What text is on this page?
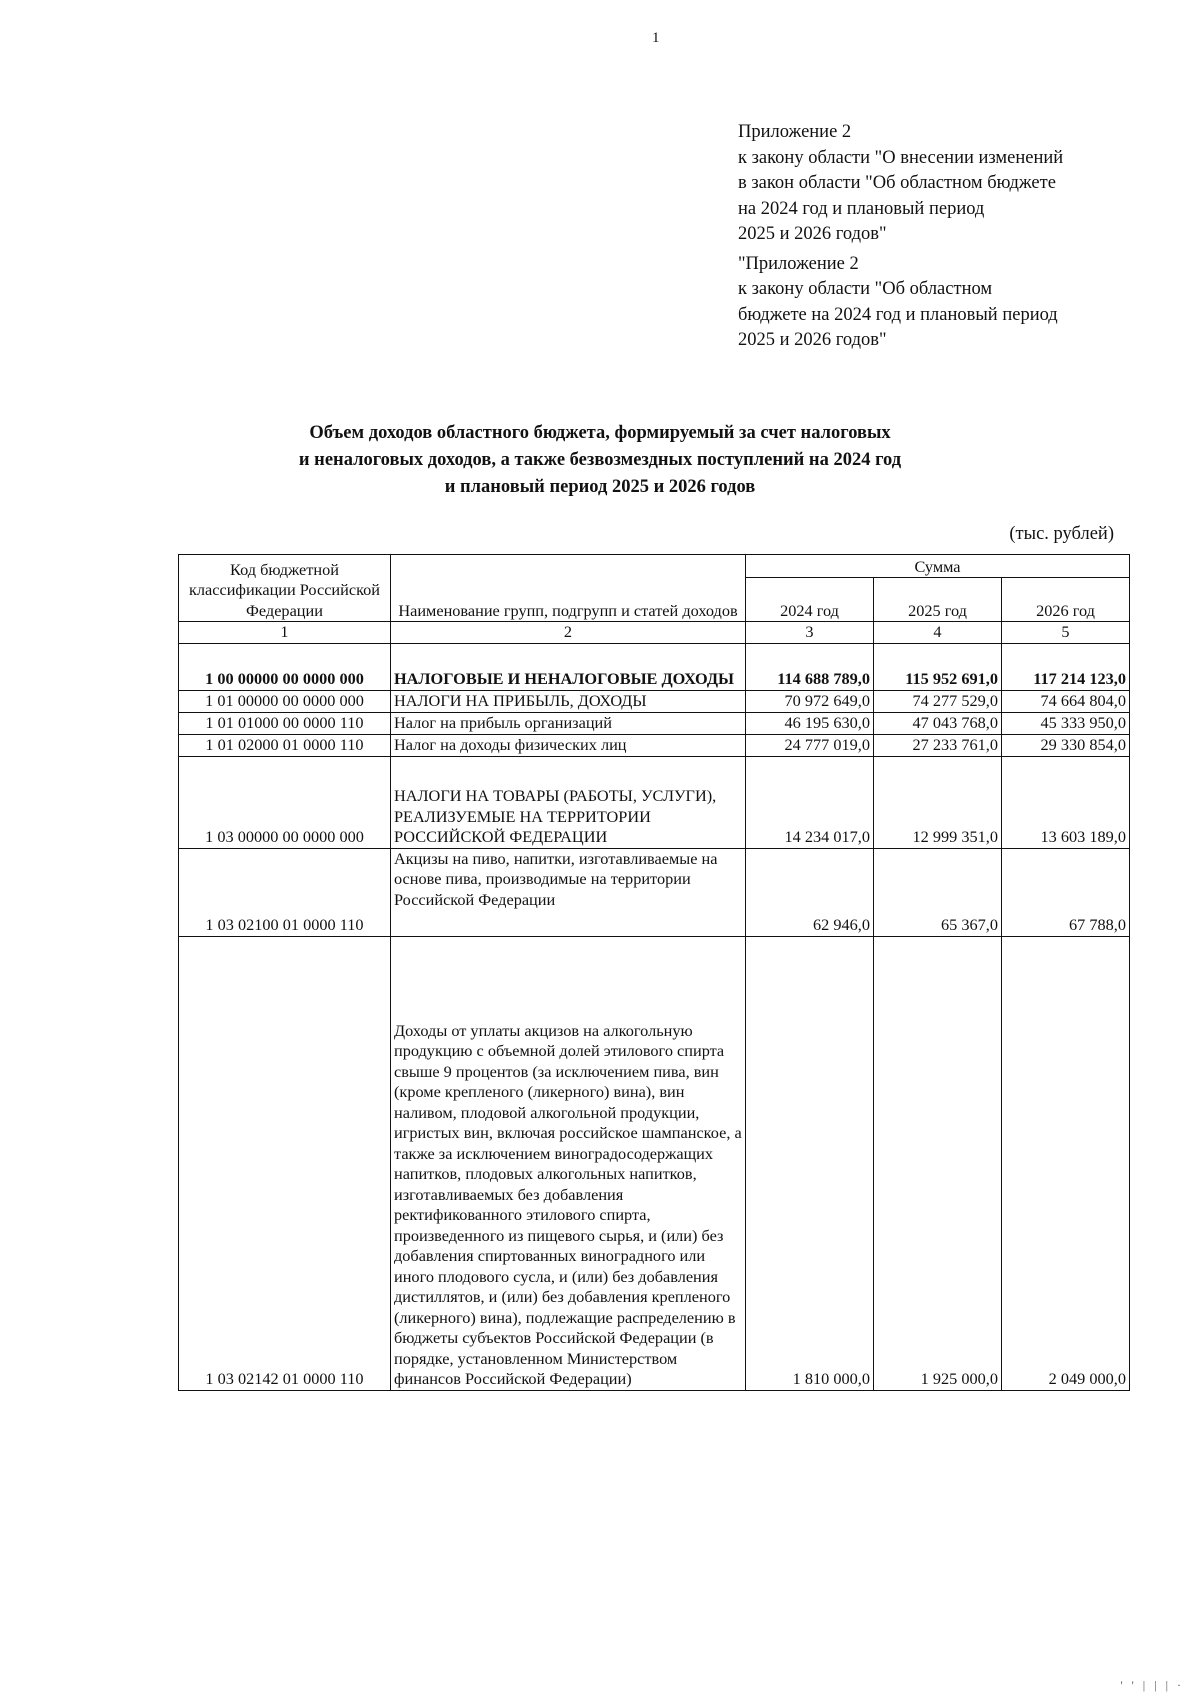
1
Приложение 2
к закону области "О внесении изменений
в закон области "Об областном бюджете
на 2024 год и плановый период
2025 и 2026 годов"
"Приложение 2
к закону области "Об областном
бюджете на 2024 год и плановый период
2025 и 2026 годов"
Объем доходов областного бюджета, формируемый за счет налоговых
и неналоговых доходов, а также безвозмездных поступлений на 2024 год
и плановый период 2025 и 2026 годов
(тыс. рублей)
Код бюджетной классификации Российской Федерации	Наименование групп, подгрупп и статей доходов	Сумма		
		2024 год	2025 год	2026 год
1	2	3	4	5
1 00 00000 00 0000 000	НАЛОГОВЫЕ И НЕНАЛОГОВЫЕ ДОХОДЫ	114 688 789,0	115 952 691,0	117 214 123,0
1 01 00000 00 0000 000	НАЛОГИ НА ПРИБЫЛЬ, ДОХОДЫ	70 972 649,0	74 277 529,0	74 664 804,0
1 01 01000 00 0000 110	Налог на прибыль организаций	46 195 630,0	47 043 768,0	45 333 950,0
1 01 02000 01 0000 110	Налог на доходы физических лиц	24 777 019,0	27 233 761,0	29 330 854,0
1 03 00000 00 0000 000	НАЛОГИ НА ТОВАРЫ (РАБОТЫ, УСЛУГИ), РЕАЛИЗУЕМЫЕ НА ТЕРРИТОРИИ РОССИЙСКОЙ ФЕДЕРАЦИИ	14 234 017,0	12 999 351,0	13 603 189,0
1 03 02100 01 0000 110	Акцизы на пиво, напитки, изготавливаемые на основе пива, производимые на территории Российской Федерации	62 946,0	65 367,0	67 788,0
1 03 02142 01 0000 110	Доходы от уплаты акцизов на алкогольную продукцию с объемной долей этилового спирта свыше 9 процентов (за исключением пива, вин (кроме крепленого (ликерного) вина), вин наливом, плодовой алкогольной продукции, игристых вин, включая российское шампанское, а также за исключением виноградосодержащих напитков, плодовых алкогольных напитков, изготавливаемых без добавления ректификованного этилового спирта, произведенного из пищевого сырья, и (или) без добавления спиртованных виноградного или иного плодового сусла, и (или) без добавления дистиллятов, и (или) без добавления крепленого (ликерного) вина), подлежащие распределению в бюджеты субъектов Российской Федерации (в порядке, установленном Министерством финансов Российской Федерации)	1 810 000,0	1 925 000,0	2 049 000,0
' ' | | | ·
